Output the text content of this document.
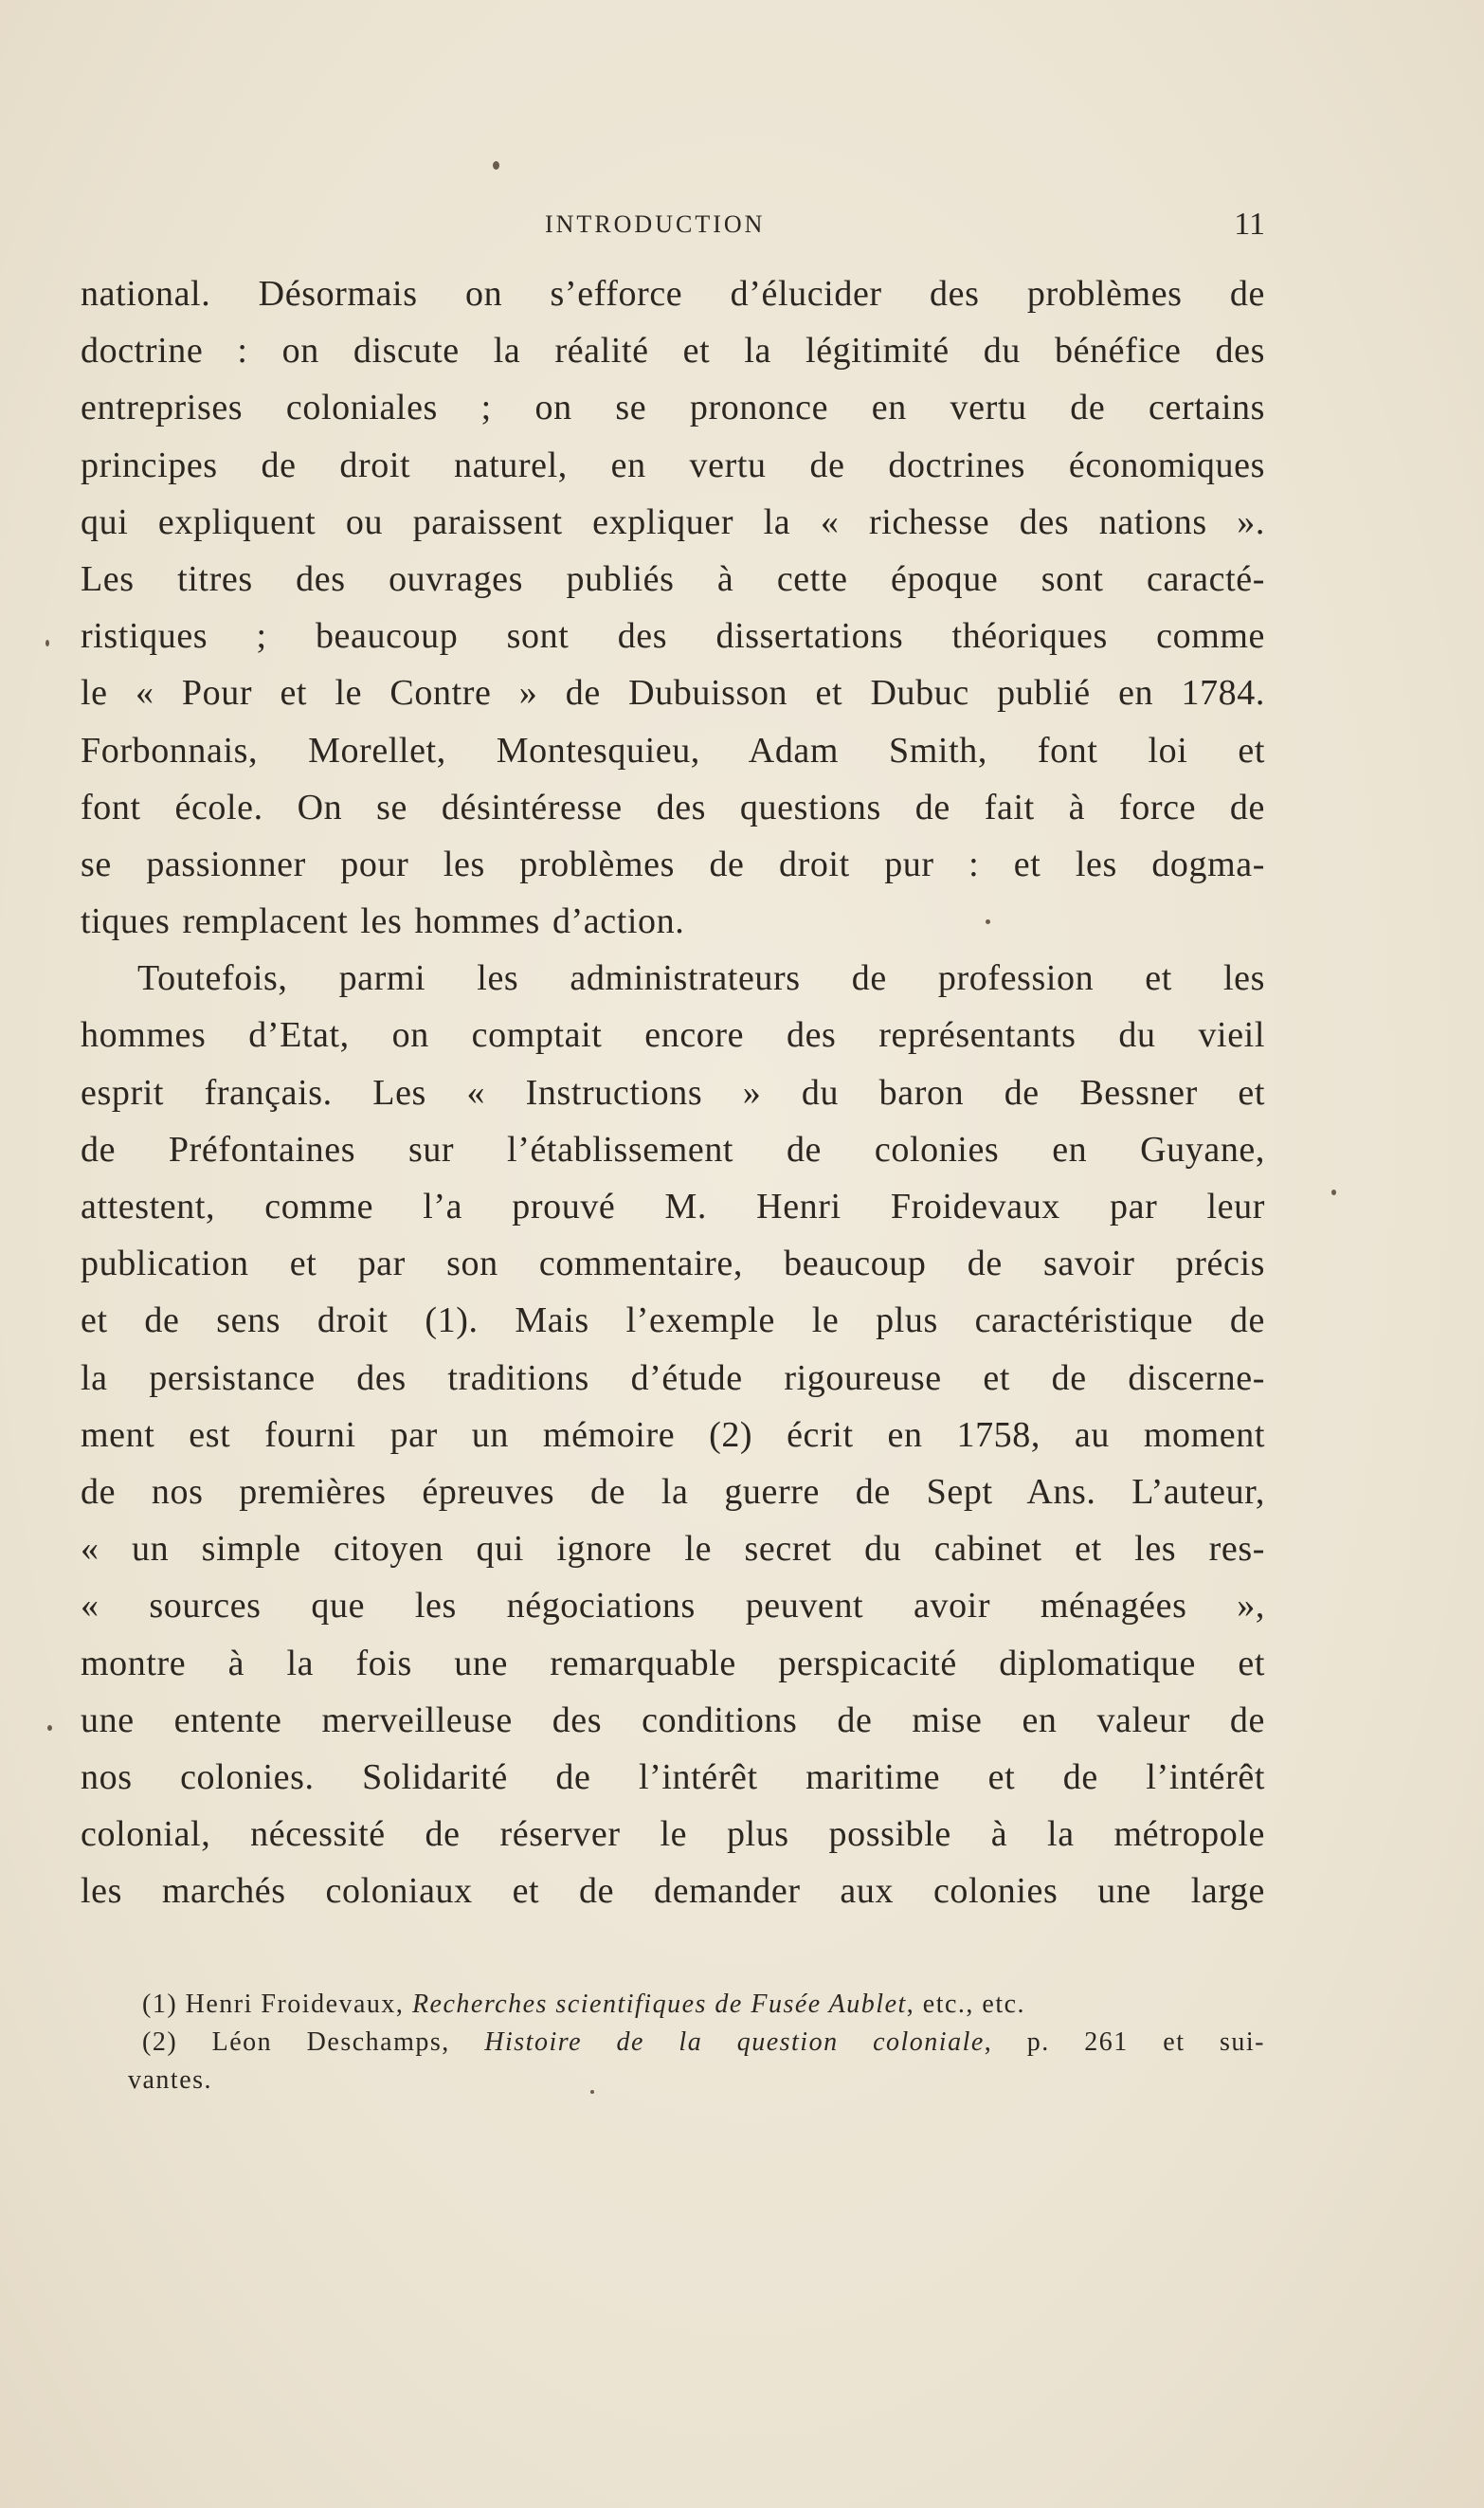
INTRODUCTION	11
national. Désormais on s’efforce d’élucider des problèmes de
doctrine : on discute la réalité et la légitimité du bénéfice des
entreprises coloniales ; on se prononce en vertu de certains
principes de droit naturel, en vertu de doctrines économiques
qui expliquent ou paraissent expliquer la « richesse des nations ».
Les titres des ouvrages publiés à cette époque sont caracté-
ristiques ; beaucoup sont des dissertations théoriques comme
le « Pour et le Contre » de Dubuisson et Dubuc publié en 1784.
Forbonnais, Morellet, Montesquieu, Adam Smith, font loi et
font école. On se désintéresse des questions de fait à force de
se passionner pour les problèmes de droit pur : et les dogma-
tiques remplacent les hommes d’action.
Toutefois, parmi les administrateurs de profession et les
hommes d’Etat, on comptait encore des représentants du vieil
esprit français. Les « Instructions » du baron de Bessner et
de Préfontaines sur l’établissement de colonies en Guyane,
attestent, comme l’a prouvé M. Henri Froidevaux par leur
publication et par son commentaire, beaucoup de savoir précis
et de sens droit (1). Mais l’exemple le plus caractéristique de
la persistance des traditions d’étude rigoureuse et de discerne-
ment est fourni par un mémoire (2) écrit en 1758, au moment
de nos premières épreuves de la guerre de Sept Ans. L’auteur,
« un simple citoyen qui ignore le secret du cabinet et les res-
« sources que les négociations peuvent avoir ménagées »,
montre à la fois une remarquable perspicacité diplomatique et
une entente merveilleuse des conditions de mise en valeur de
nos colonies. Solidarité de l’intérêt maritime et de l’intérêt
colonial, nécessité de réserver le plus possible à la métropole
les marchés coloniaux et de demander aux colonies une large
(1) Henri Froidevaux, Recherches scientifiques de Fusée Aublet, etc., etc.
(2) Léon Deschamps, Histoire de la question coloniale, p. 261 et sui-
vantes.
